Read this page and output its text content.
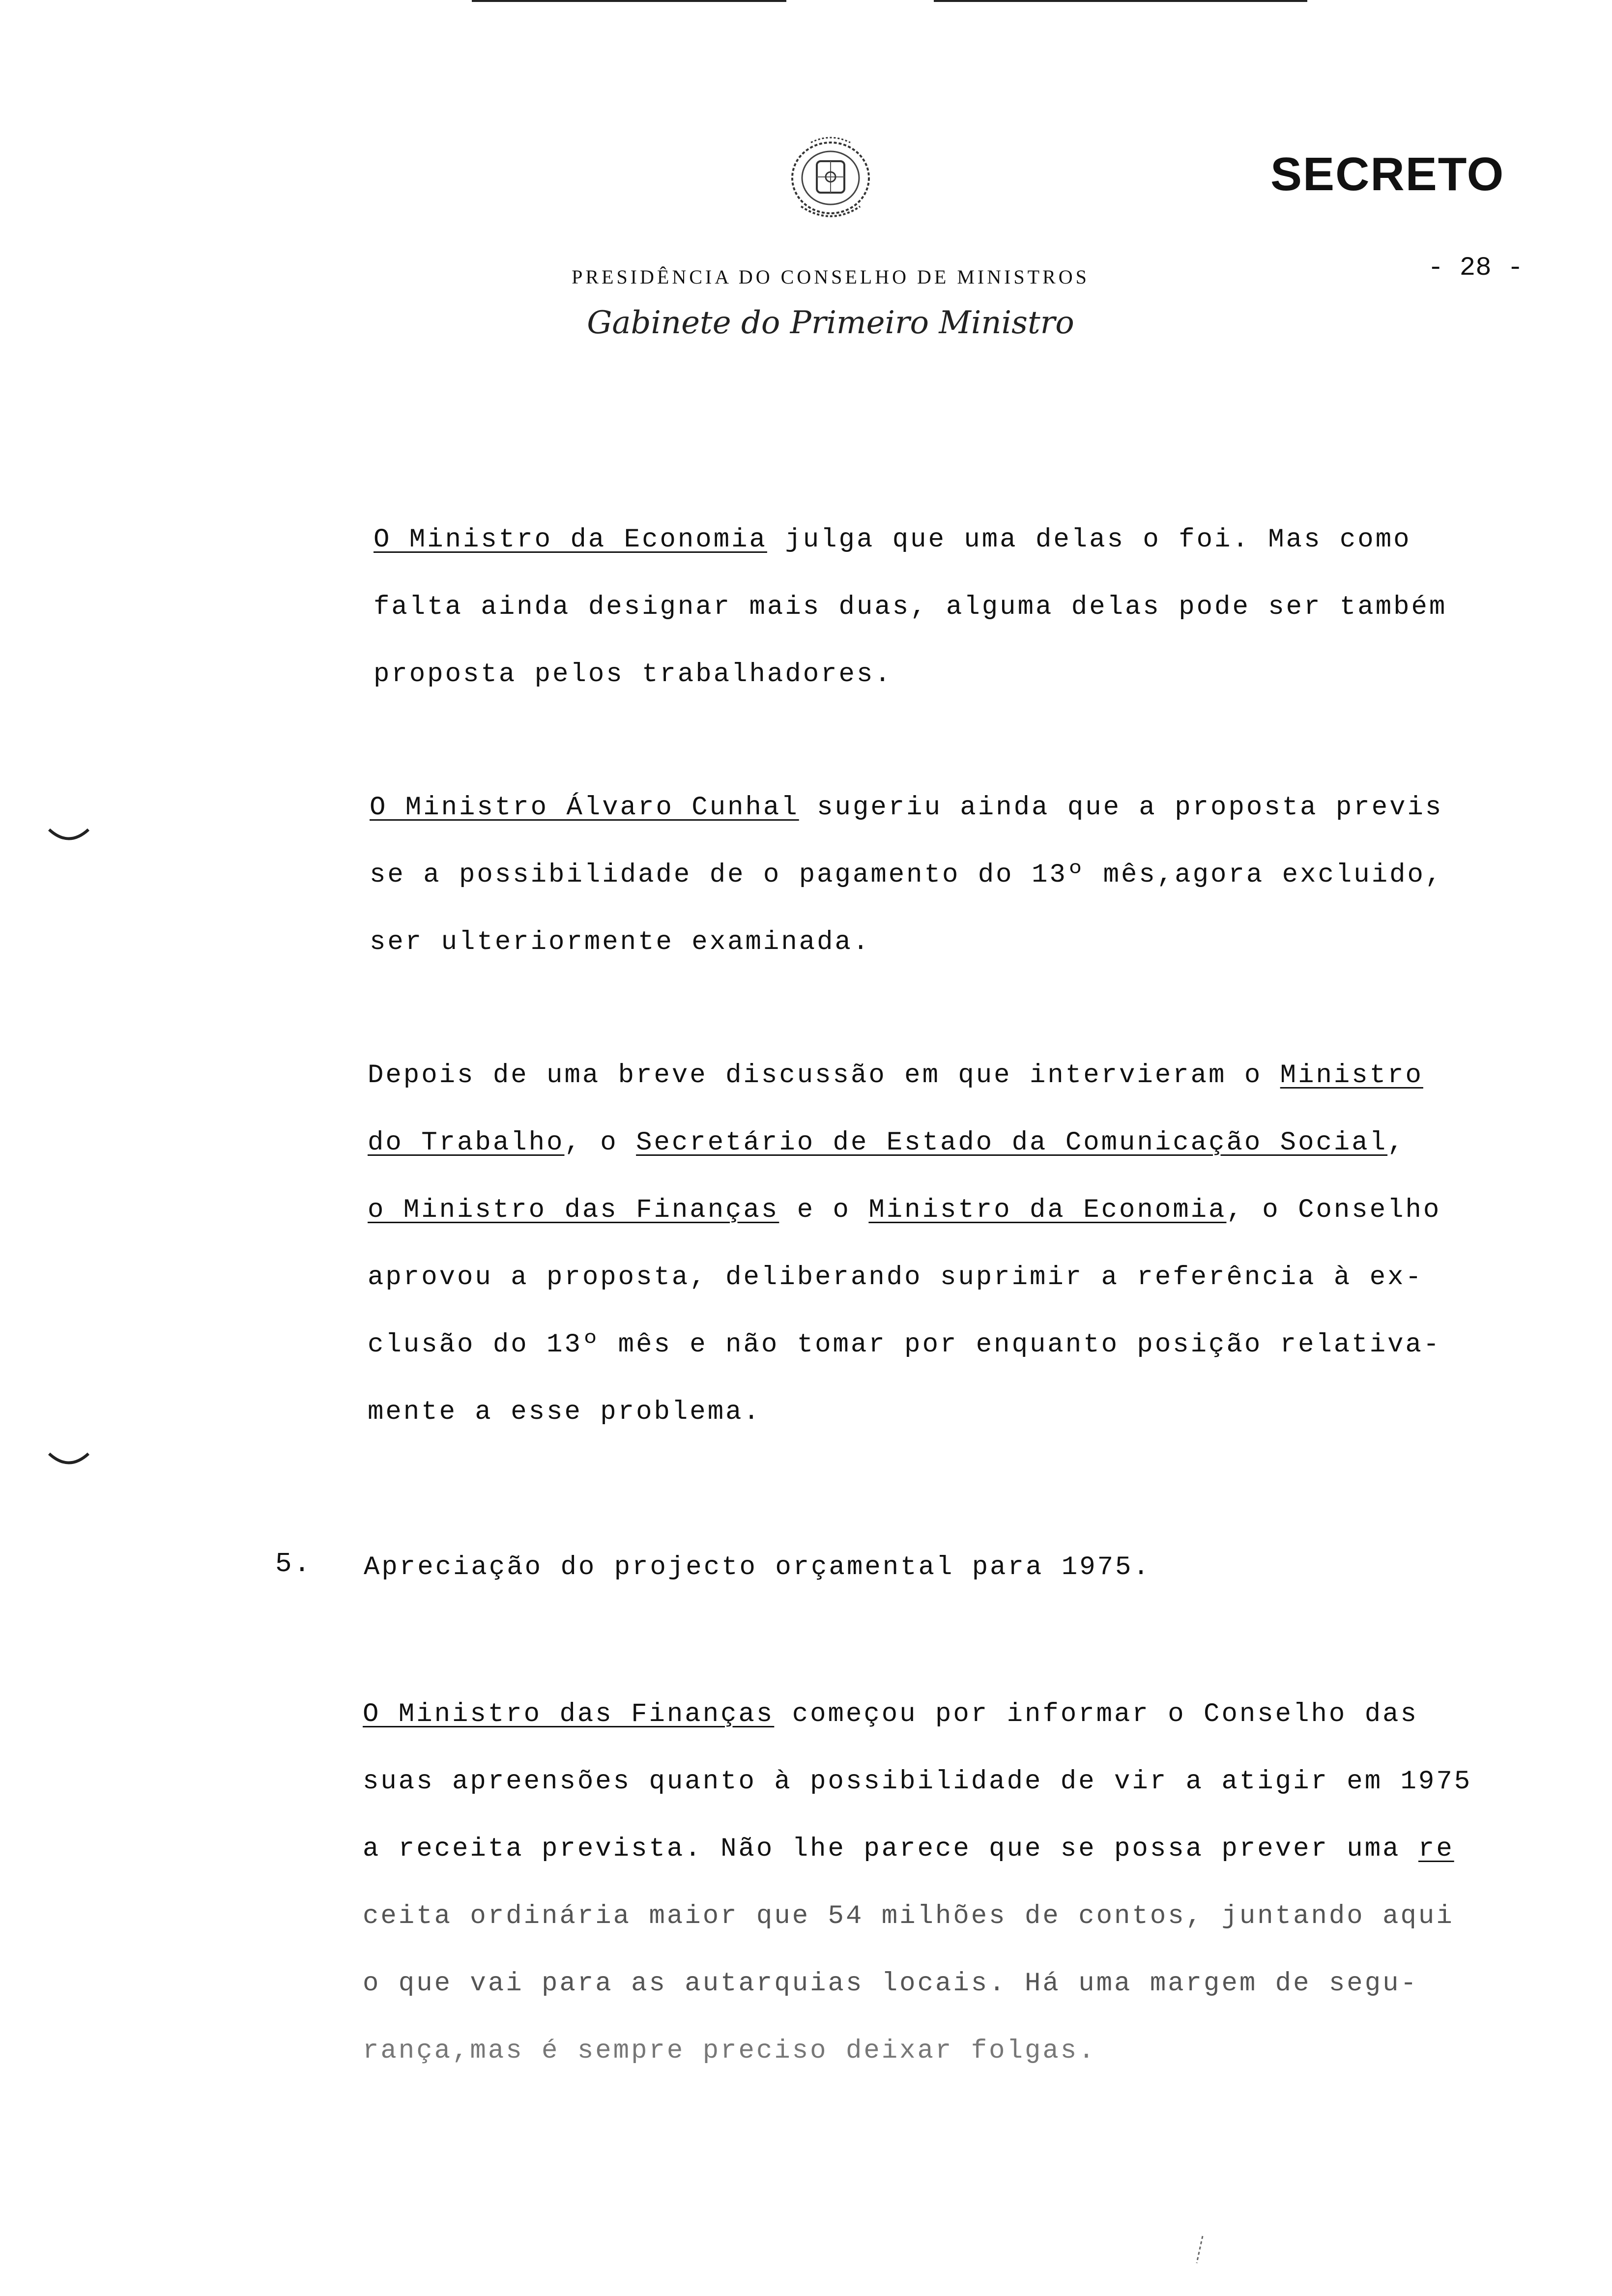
SECRETO
- 28 -
PRESIDÊNCIA DO CONSELHO DE MINISTROS
Gabinete do Primeiro Ministro
O Ministro da Economia julga que uma delas o foi. Mas como
falta ainda designar mais duas, alguma delas pode ser também
proposta pelos trabalhadores.
O Ministro Álvaro Cunhal sugeriu ainda que a proposta previs
se a possibilidade de o pagamento do 13º mês,agora excluido,
ser ulteriormente examinada.
Depois de uma breve discussão em que intervieram o Ministro
do Trabalho, o Secretário de Estado da Comunicação Social,
o Ministro das Finanças e o Ministro da Economia, o Conselho
aprovou a proposta, deliberando suprimir a referência à ex-
clusão do 13º mês e não tomar por enquanto posição relativa-
mente a esse problema.
5. Apreciação do projecto orçamental para 1975.
O Ministro das Finanças começou por informar o Conselho das
suas apreensões quanto à possibilidade de vir a atigir em 1975
a receita prevista. Não lhe parece que se possa prever uma re
ceita ordinária maior que 54 milhões de contos, juntando aqui
o que vai para as autarquias locais. Há uma margem de segu-
rança,mas é sempre preciso deixar folgas.
